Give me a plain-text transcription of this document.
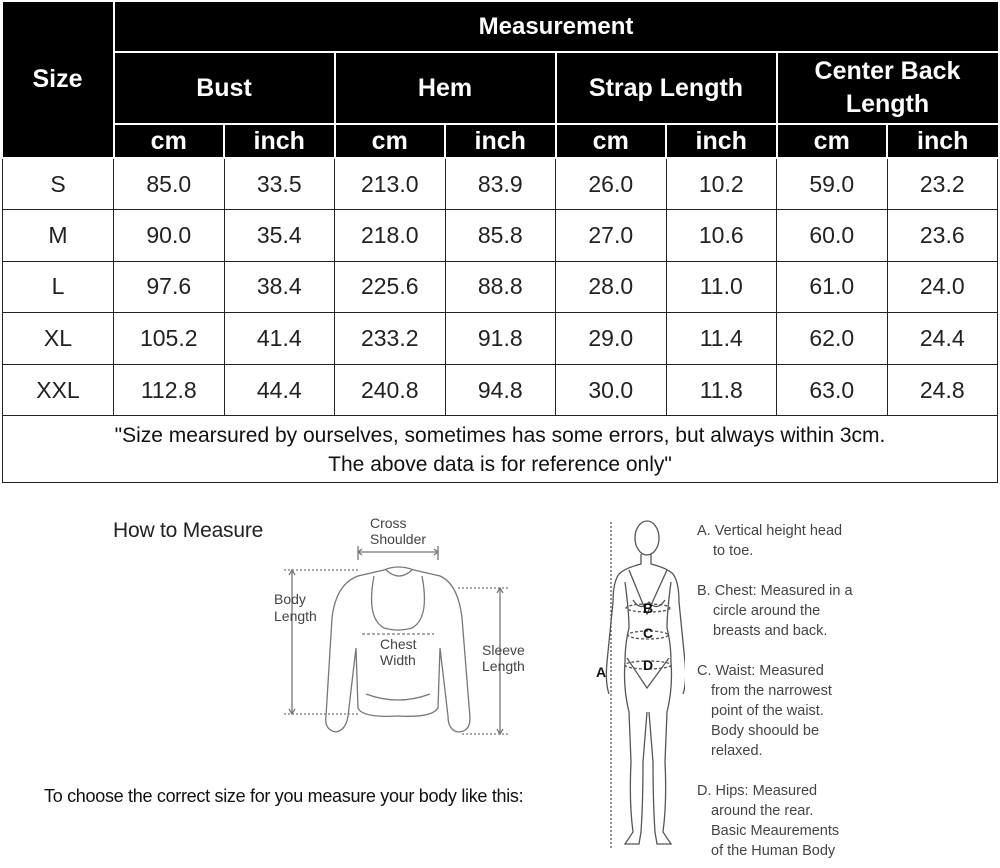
Size	Measurement							
	Bust		Hem		Strap Length		Center Back
Length	
	cm	inch	cm	inch	cm	inch	cm	inch
S	85.0	33.5	213.0	83.9	26.0	10.2	59.0	23.2
M	90.0	35.4	218.0	85.8	27.0	10.6	60.0	23.6
L	97.6	38.4	225.6	88.8	28.0	11.0	61.0	24.0
XL	105.2	41.4	233.2	91.8	29.0	11.4	62.0	24.4
XXL	112.8	44.4	240.8	94.8	30.0	11.8	63.0	24.8
"Size mearsured by ourselves, sometimes has some errors, but always within 3cm.
The above data is for reference only"								
How to Measure	Cross
Shoulder
Body
Length
Chest
Width
Sleeve
Length
To choose the correct size for you measure your body like this:
B
C
D
A
A. Vertical height head
to toe.
B. Chest: Measured in a
circle around the
breasts and back.
C. Waist: Measured
from the narrowest
point of the waist.
Body shoould be
relaxed.
D. Hips: Measured
around the rear.
Basic Meaurements
of the Human Body
